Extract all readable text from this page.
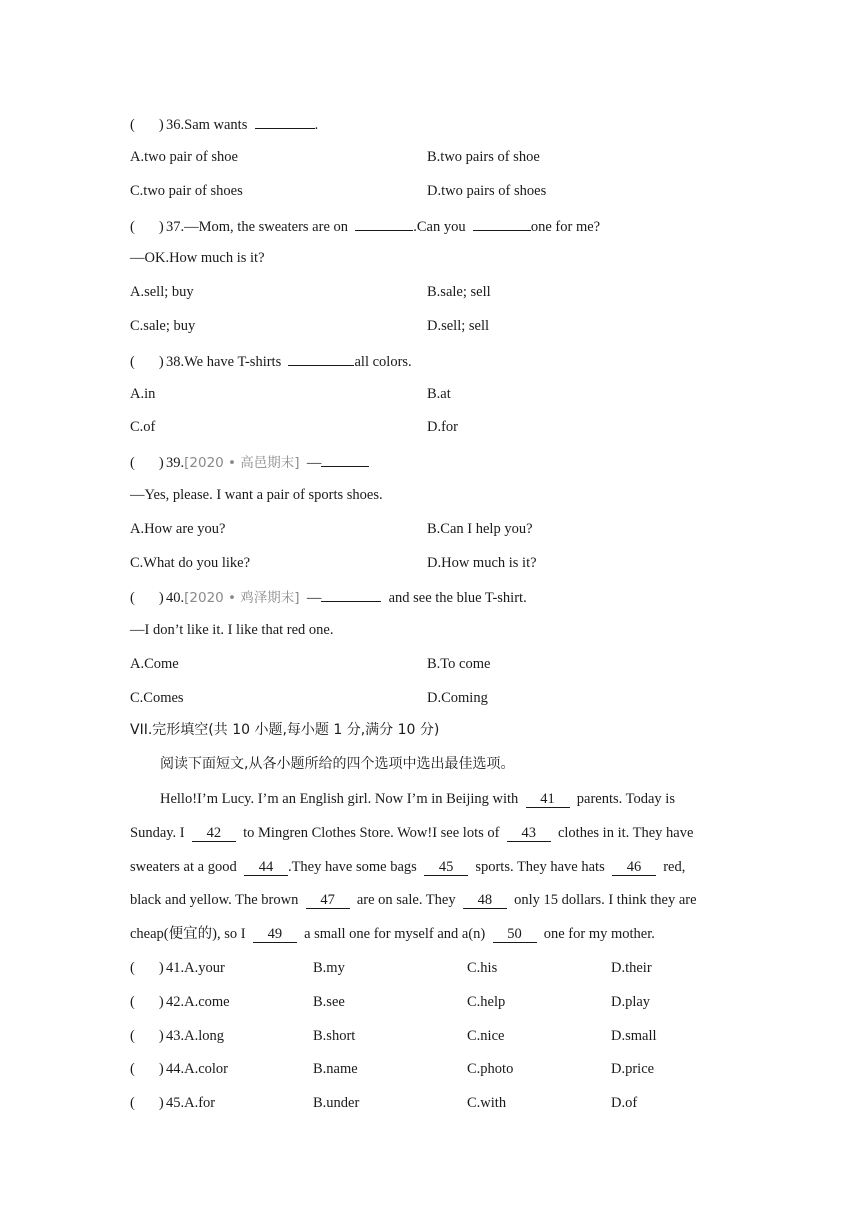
( ) 36.Sam wants	.
A.two pair of shoe	B.two pairs of shoe
C.two pair of shoes	D.two pairs of shoes
( ) 37.—Mom, the sweaters are on	.Can you	one for me?
—OK.How much is it?
A.sell; buy	B.sale; sell
C.sale; buy	D.sell; sell
( ) 38.We have T-shirts	all colors.
A.in	B.at
C.of	D.for
( ) 39.[2020 • 高邑期末] —
—Yes, please. I want a pair of sports shoes.
A.How are you?	B.Can I help you?
C.What do you like?	D.How much is it?
( ) 40.[2020 • 鸡泽期末] —	and see the blue T-shirt.
—I don’t like it. I like that red one.
A.Come	B.To come
C.Comes	D.Coming
VII.完形填空(共 10 小题,每小题 1 分,满分 10 分)
阅读下面短文,从各小题所给的四个选项中选出最佳选项。
Hello!I’m Lucy. I’m an English girl. Now I’m in Beijing with 41 parents. Today is
Sunday. I 42 to Mingren Clothes Store. Wow!I see lots of 43 clothes in it. They have
sweaters at a good 44 .They have some bags 45 sports. They have hats 46 red,
black and yellow. The brown 47 are on sale. They 48 only 15 dollars. I think they are
cheap(便宜的), so I 49 a small one for myself and a(n) 50 one for my mother.
( ) 41.A.your	B.my	C.his	D.their
( ) 42.A.come	B.see	C.help	D.play
( ) 43.A.long	B.short	C.nice	D.small
( ) 44.A.color	B.name	C.photo	D.price
( ) 45.A.for	B.under	C.with	D.of
